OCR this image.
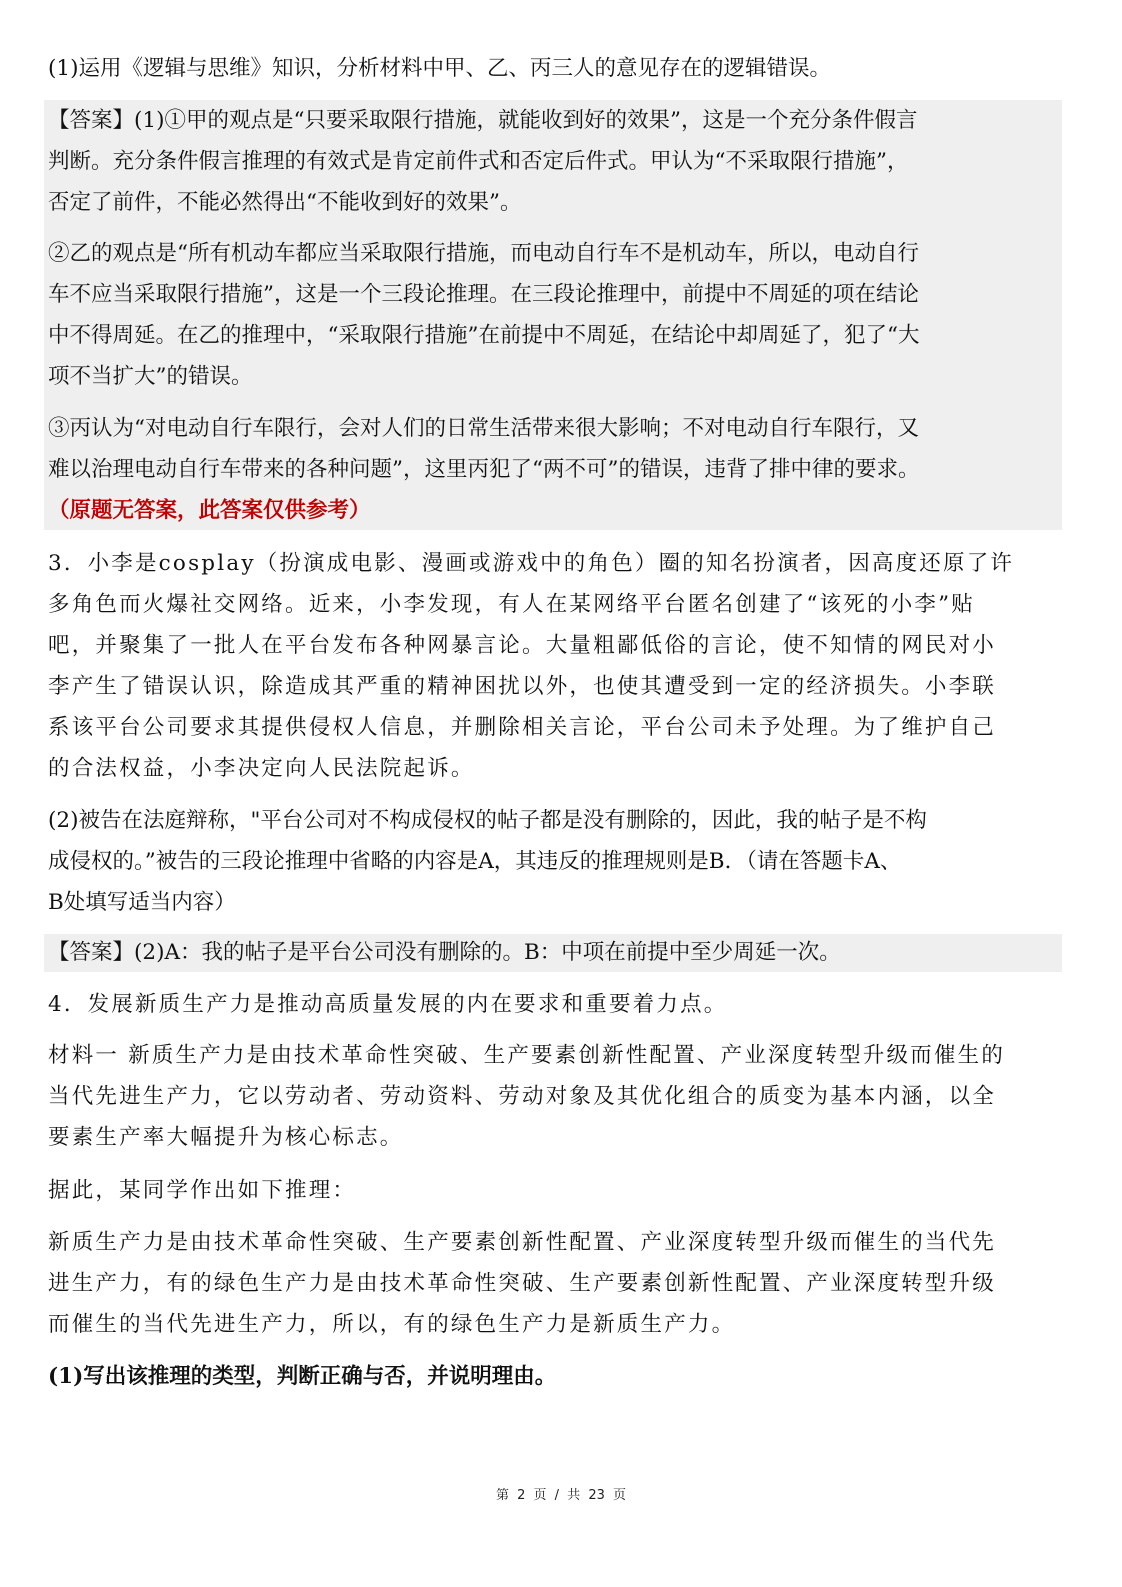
(1)运用《逻辑与思维》知识，分析材料中甲、乙、丙三人的意见存在的逻辑错误。
【答案】(1)①甲的观点是“只要采取限行措施，就能收到好的效果”，这是一个充分条件假言
判断。充分条件假言推理的有效式是肯定前件式和否定后件式。甲认为“不采取限行措施”，
否定了前件，不能必然得出“不能收到好的效果”。
②乙的观点是“所有机动车都应当采取限行措施，而电动自行车不是机动车，所以，电动自行
车不应当采取限行措施”，这是一个三段论推理。在三段论推理中，前提中不周延的项在结论
中不得周延。在乙的推理中，“采取限行措施”在前提中不周延，在结论中却周延了，犯了“大
项不当扩大”的错误。
③丙认为“对电动自行车限行，会对人们的日常生活带来很大影响；不对电动自行车限行，又
难以治理电动自行车带来的各种问题”，这里丙犯了“两不可”的错误，违背了排中律的要求。
（原题无答案，此答案仅供参考）
3．小李是cosplay（扮演成电影、漫画或游戏中的角色）圈的知名扮演者，因高度还原了许
多角色而火爆社交网络。近来，小李发现，有人在某网络平台匿名创建了“该死的小李”贴
吧，并聚集了一批人在平台发布各种网暴言论。大量粗鄙低俗的言论，使不知情的网民对小
李产生了错误认识，除造成其严重的精神困扰以外，也使其遭受到一定的经济损失。小李联
系该平台公司要求其提供侵权人信息，并删除相关言论，平台公司未予处理。为了维护自己
的合法权益，小李决定向人民法院起诉。
(2)被告在法庭辩称，"平台公司对不构成侵权的帖子都是没有删除的，因此，我的帖子是不构
成侵权的。”被告的三段论推理中省略的内容是A，其违反的推理规则是B．（请在答题卡A、
B处填写适当内容）
【答案】(2)A：我的帖子是平台公司没有删除的。B：中项在前提中至少周延一次。
4．发展新质生产力是推动高质量发展的内在要求和重要着力点。
材料一 新质生产力是由技术革命性突破、生产要素创新性配置、产业深度转型升级而催生的
当代先进生产力，它以劳动者、劳动资料、劳动对象及其优化组合的质变为基本内涵，以全
要素生产率大幅提升为核心标志。
据此，某同学作出如下推理：
新质生产力是由技术革命性突破、生产要素创新性配置、产业深度转型升级而催生的当代先
进生产力，有的绿色生产力是由技术革命性突破、生产要素创新性配置、产业深度转型升级
而催生的当代先进生产力，所以，有的绿色生产力是新质生产力。
(1)写出该推理的类型，判断正确与否，并说明理由。
第 2 页 / 共 23 页
